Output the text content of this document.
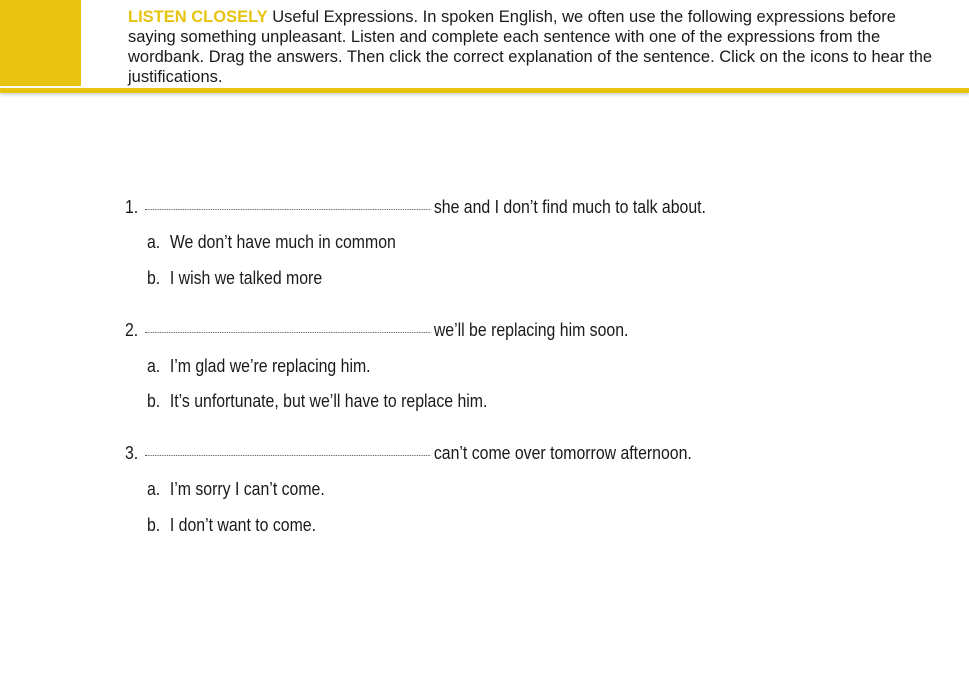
LISTEN CLOSELY Useful Expressions. In spoken English, we often use the following expressions before saying something unpleasant. Listen and complete each sentence with one of the expressions from the wordbank. Drag the answers. Then click the correct explanation of the sentence. Click on the icons to hear the justifications.
1.	she and I don’t find much to talk about.
a. We don’t have much in common
b. I wish we talked more
2.	we’ll be replacing him soon.
a. I’m glad we’re replacing him.
b. It’s unfortunate, but we’ll have to replace him.
3.	can’t come over tomorrow afternoon.
a. I’m sorry I can’t come.
b. I don’t want to come.
